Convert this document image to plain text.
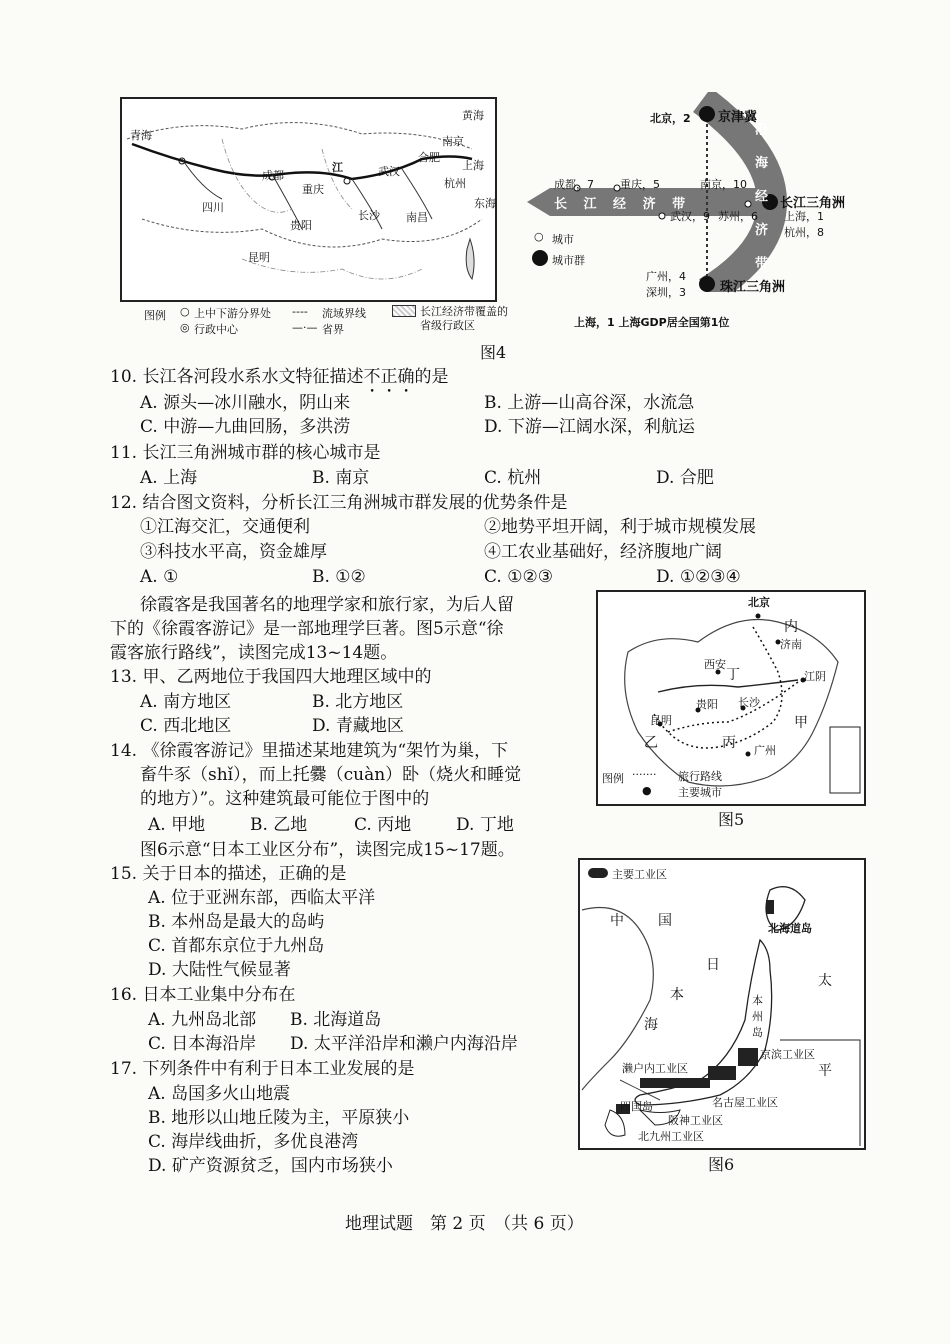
青海
四川
成都
重庆
贵阳
昆明
武汉
长沙 南昌
合肥
南京
上海
杭州
黄海
东海
江
图例 ○ 上中下游分界处
◎ 行政中心
---- 流域界线
—·— 省界
长江经济带覆盖的省级行政区
北京，2
成都，7 重庆，5	南京，10
武汉，9 苏州，6 上海，1
杭州，8
广州，4
深圳，3
京津冀
长江三角洲
珠江三角洲
长 江 经 济 带	沿 海 经 济 带
○ 城市
城市群
上海，1 上海GDP居全国第1位
图4
10. 长江各河段水系水文特征描述不正确的是
A. 源头—冰川融水，阴山来	B. 上游—山高谷深，水流急
C. 中游—九曲回肠，多洪涝	D. 下游—江阔水深，利航运
11. 长江三角洲城市群的核心城市是
A. 上海	B. 南京	C. 杭州	D. 合肥
12. 结合图文资料，分析长江三角洲城市群发展的优势条件是
①江海交汇，交通便利	②地势平坦开阔，利于城市规模发展
③科技水平高，资金雄厚	④工农业基础好，经济腹地广阔
A. ①	B. ①②	C. ①②③	D. ①②③④
徐霞客是我国著名的地理学家和旅行家，为后人留
下的《徐霞客游记》是一部地理学巨著。图5示意“徐
霞客旅行路线”，读图完成13~14题。
13. 甲、乙两地位于我国四大地理区域中的
A. 南方地区	B. 北方地区
C. 西北地区	D. 青藏地区
14. 《徐霞客游记》里描述某地建筑为“架竹为巢，下
畜牛豕（shǐ），而上托爨（cuàn）卧（烧火和睡觉
的地方）”。这种建筑最可能位于图中的
A. 甲地	B. 乙地	C. 丙地	D. 丁地
北京
内
济南
西安
丁	江阴
贵阳 长沙
昆明
乙
甲
丙 广州
图例 ······· 旅行路线
● 主要城市
图5
图6示意“日本工业区分布”，读图完成15~17题。
15. 关于日本的描述，正确的是
A. 位于亚洲东部，西临太平洋
B. 本州岛是最大的岛屿
C. 首都东京位于九州岛
D. 大陆性气候显著
16. 日本工业集中分布在
A. 九州岛北部 B. 北海道岛
C. 日本海沿岸 D. 太平洋沿岸和濑户内海沿岸
17. 下列条件中有利于日本工业发展的是
A. 岛国多火山地震
B. 地形以山地丘陵为主，平原狭小
C. 海岸线曲折，多优良港湾
D. 矿产资源贫乏，国内市场狭小
主要工业区
中 国
日
本
海
太
平
北海道岛
本
州
岛
濑户内工业区
京滨工业区
名古屋工业区
阪神工业区
北九州工业区
四国岛
图6
地理试题　第 2 页　（共 6 页）
